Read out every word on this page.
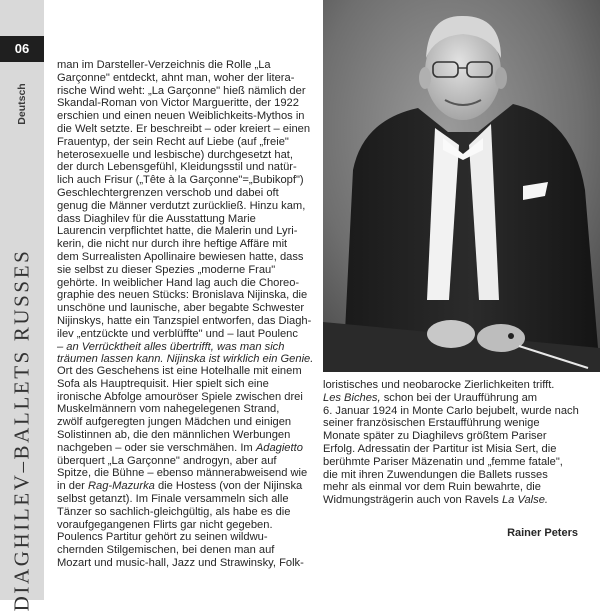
06
Deutsch
DIAGHILEV–BALLETS RUSSES

man im Darsteller-Verzeichnis die Rolle „La
Garçonne" entdeckt, ahnt man, woher der litera-
rische Wind weht: „La Garçonne" hieß nämlich der
Skandal-Roman von Victor Margueritte, der 1922
erschien und einen neuen Weiblichkeits-Mythos in
die Welt setzte. Er beschreibt – oder kreiert – einen
Frauentyp, der sein Recht auf Liebe (auf „freie"
heterosexuelle und lesbische) durchgesetzt hat,
der durch Lebensgefühl, Kleidungsstil und natür-
lich auch Frisur („Tête à la Garçonne"=„Bubikopf")
Geschlechtergrenzen verschob und dabei oft
genug die Männer verdutzt zurückließ. Hinzu kam,
dass Diaghilev für die Ausstattung Marie
Laurencin verpflichtet hatte, die Malerin und Lyri-
kerin, die nicht nur durch ihre heftige Affäre mit
dem Surrealisten Apollinaire bewiesen hatte, dass
sie selbst zu dieser Spezies „moderne Frau"
gehörte. In weiblicher Hand lag auch die Choreo-
graphie des neuen Stücks: Bronislava Nijinska, die
unschöne und launische, aber begabte Schwester
Nijinskys, hatte ein Tanzspiel entworfen, das Diagh-
ilev „entzückte und verblüffte" und – laut Poulenc

– an Verrücktheit alles übertrifft, was man sich
träumen lassen kann. Nijinska ist wirklich ein Genie.

Ort des Geschehens ist eine Hotelhalle mit einem
Sofa als Hauptrequisit. Hier spielt sich eine
ironische Abfolge amouröser Spiele zwischen drei
Muskelmännern vom nahegelegenen Strand,
zwölf aufgeregten jungen Mädchen und einigen
Solistinnen ab, die den männlichen Werbungen
nachgeben – oder sie verschmähen. Im Adagietto
überquert „La Garçonne" androgyn, aber auf
Spitze, die Bühne – ebenso männerabweisend wie
in der Rag-Mazurka die Hostess (von der Nijinska
selbst getanzt). Im Finale versammeln sich alle
Tänzer so sachlich-gleichgültig, als habe es die
voraufgegangenen Flirts gar nicht gegeben.
Poulencs Partitur gehört zu seinen wildwu-
chernden Stilgemischen, bei denen man auf
Mozart und music-hall, Jazz und Strawinsky, Folk-

loristisches und neobarocke Zierlichkeiten trifft.
Les Biches, schon bei der Uraufführung am
6. Januar 1924 in Monte Carlo bejubelt, wurde nach
seiner französischen Erstaufführung wenige
Monate später zu Diaghilevs größtem Pariser
Erfolg. Adressatin der Partitur ist Misia Sert, die
berühmte Pariser Mäzenatin und „femme fatale",
die mit ihren Zuwendungen die Ballets russes
mehr als einmal vor dem Ruin bewahrte, die
Widmungsträgerin auch von Ravels La Valse.

Rainer Peters
